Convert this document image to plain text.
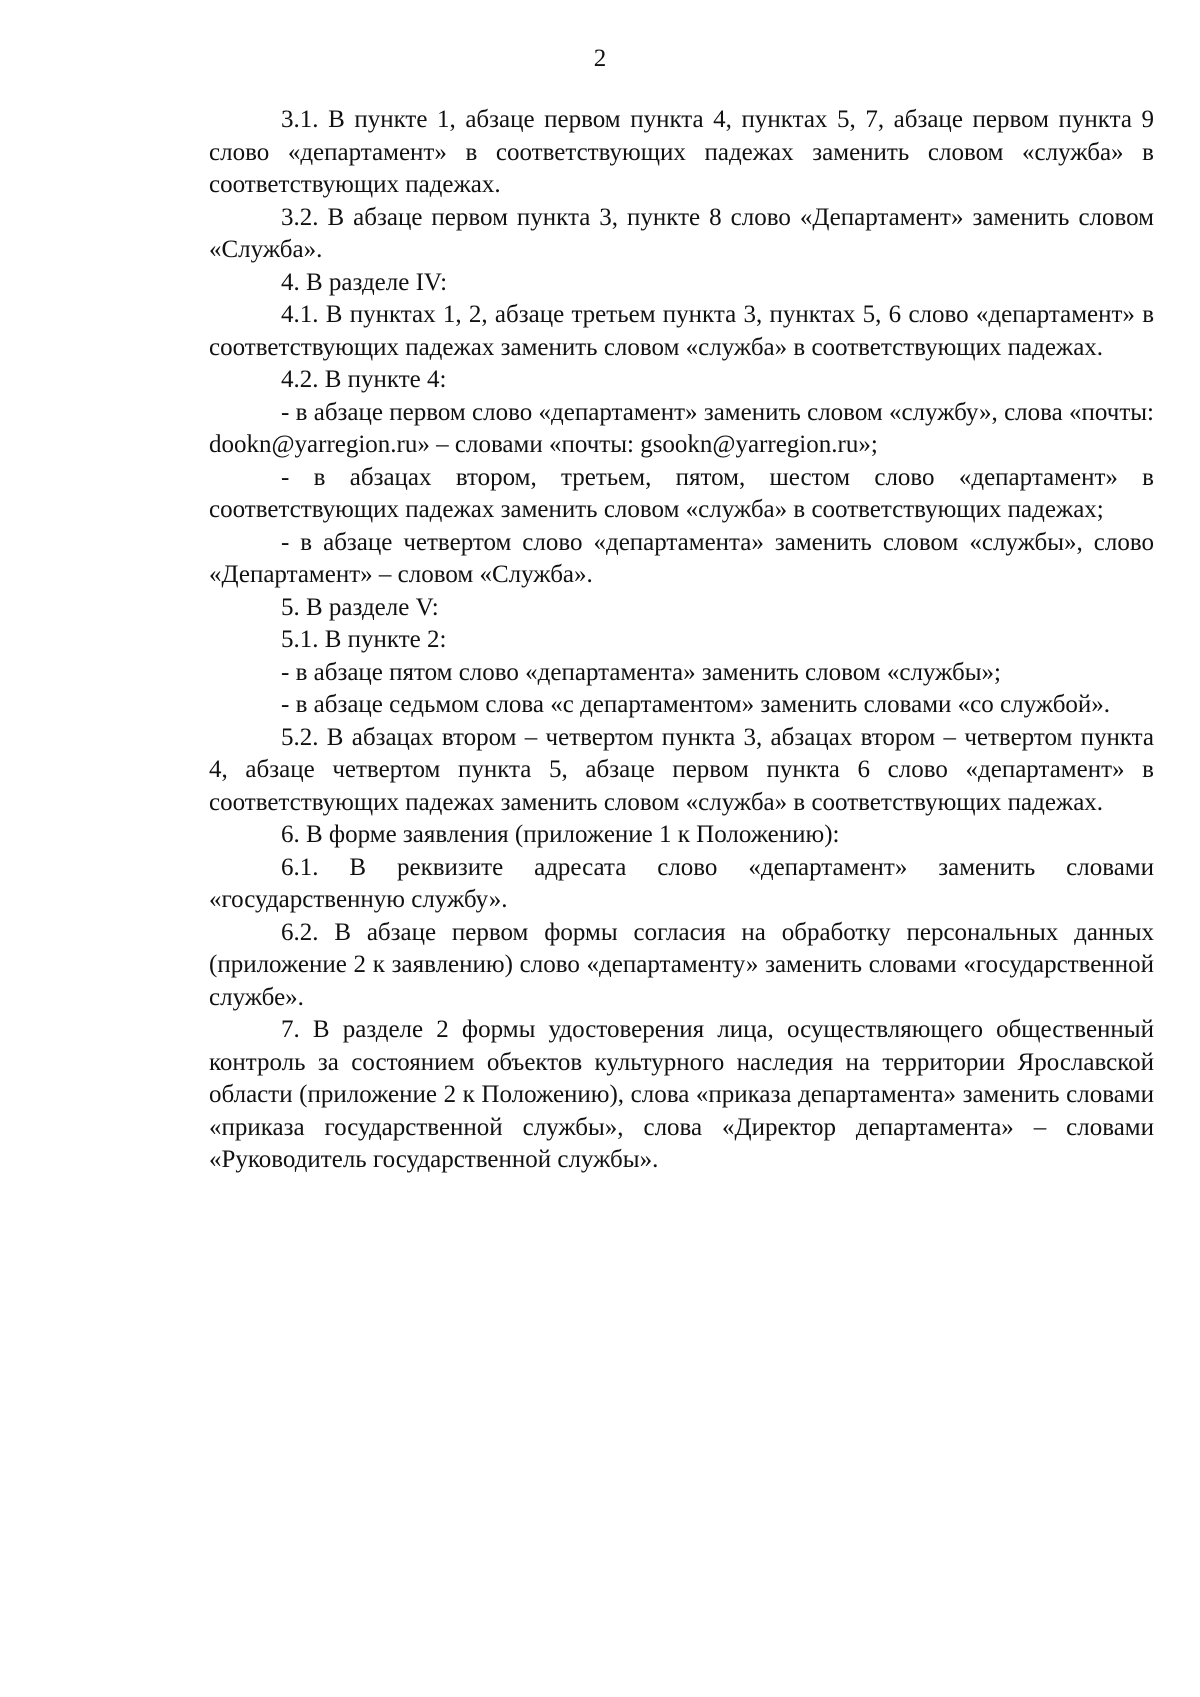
2

3.1. В пункте 1, абзаце первом пункта 4, пунктах 5, 7, абзаце первом пункта 9 слово «департамент» в соответствующих падежах заменить словом «служба» в соответствующих падежах.

3.2. В абзаце первом пункта 3, пункте 8 слово «Департамент» заменить словом «Служба».

4. В разделе IV:

4.1. В пунктах 1, 2, абзаце третьем пункта 3, пунктах 5, 6 слово «департамент» в соответствующих падежах заменить словом «служба» в соответствующих падежах.

4.2. В пункте 4:

- в абзаце первом слово «департамент» заменить словом «службу», слова «почты: dookn@yarregion.ru» – словами «почты: gsookn@yarregion.ru»;

- в абзацах втором, третьем, пятом, шестом слово «департамент» в соответствующих падежах заменить словом «служба» в соответствующих падежах;

- в абзаце четвертом слово «департамента» заменить словом «службы», слово «Департамент» – словом «Служба».

5. В разделе V:

5.1. В пункте 2:

- в абзаце пятом слово «департамента» заменить словом «службы»;

- в абзаце седьмом слова «с департаментом» заменить словами «со службой».

5.2. В абзацах втором – четвертом пункта 3, абзацах втором – четвертом пункта 4, абзаце четвертом пункта 5, абзаце первом пункта 6 слово «департамент» в соответствующих падежах заменить словом «служба» в соответствующих падежах.

6. В форме заявления (приложение 1 к Положению):

6.1. В реквизите адресата слово «департамент» заменить словами «государственную службу».

6.2. В абзаце первом формы согласия на обработку персональных данных (приложение 2 к заявлению) слово «департаменту» заменить словами «государственной службе».

7. В разделе 2 формы удостоверения лица, осуществляющего общественный контроль за состоянием объектов культурного наследия на территории Ярославской области (приложение 2 к Положению), слова «приказа департамента» заменить словами «приказа государственной службы», слова «Директор департамента» – словами «Руководитель государственной службы».
